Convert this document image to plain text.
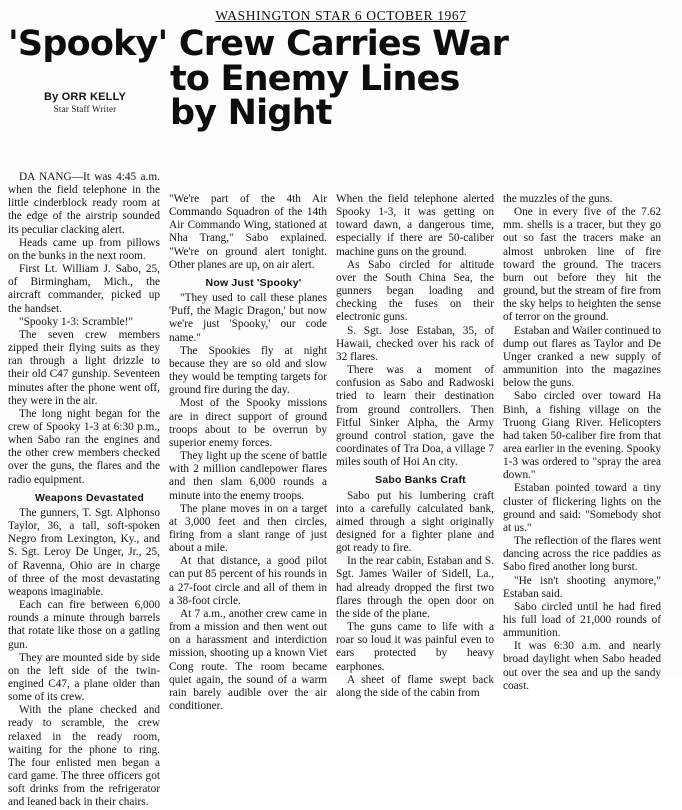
WASHINGTON STAR 6 OCTOBER 1967
'Spooky' Crew Carries War
to Enemy Lines
by Night
By ORR KELLY
Star Staff Writer

DA NANG—It was 4:45 a.m. when the field telephone in the little cinderblock ready room at the edge of the airstrip sounded its peculiar clacking alert.

Heads came up from pillows on the bunks in the next room.

First Lt. William J. Sabo, 25, of Birmingham, Mich., the aircraft commander, picked up the handset.

"Spooky 1-3: Scramble!"

The seven crew members zipped their flying suits as they ran through a light drizzle to their old C47 gunship. Seventeen minutes after the phone went off, they were in the air.

The long night began for the crew of Spooky 1-3 at 6:30 p.m., when Sabo ran the engines and the other crew members checked over the guns, the flares and the radio equipment.

Weapons Devastated

The gunners, T. Sgt. Alphonso Taylor, 36, a tall, soft-spoken Negro from Lexington, Ky., and S. Sgt. Leroy De Unger, Jr., 25, of Ravenna, Ohio are in charge of three of the most devastating weapons imaginable.

Each can fire between 6,000 rounds a minute through barrels that rotate like those on a gatling gun.

They are mounted side by side on the left side of the twin-engined C47, a plane older than some of its crew.

With the plane checked and ready to scramble, the crew relaxed in the ready room, waiting for the phone to ring. The four enlisted men began a card game. The three officers got soft drinks from the refrigerator and leaned back in their chairs.

"We're part of the 4th Air Commando Squadron of the 14th Air Commando Wing, stationed at Nha Trang," Sabo explained. "We're on ground alert tonight. Other planes are up, on air alert.

Now Just 'Spooky'

"They used to call these planes 'Puff, the Magic Dragon,' but now we're just 'Spooky,' our code name."

The Spookies fly at night because they are so old and slow they would be tempting targets for ground fire during the day.

Most of the Spooky missions are in direct support of ground troops about to be overrun by superior enemy forces.

They light up the scene of battle with 2 million candlepower flares and then slam 6,000 rounds a minute into the enemy troops.

The plane moves in on a target at 3,000 feet and then circles, firing from a slant range of just about a mile.

At that distance, a good pilot can put 85 percent of his rounds in a 27-foot circle and all of them in a 38-foot circle.

At 7 a.m., another crew came in from a mission and then went out on a harassment and interdiction mission, shooting up a known Viet Cong route. The room became quiet again, the sound of a warm rain barely audible over the air conditioner.

When the field telephone alerted Spooky 1-3, it was getting on toward dawn, a dangerous time, especially if there are 50-caliber machine guns on the ground.

As Sabo circled for altitude over the South China Sea, the gunners began loading and checking the fuses on their electronic guns.

S. Sgt. Jose Estaban, 35, of Hawaii, checked over his rack of 32 flares.

There was a moment of confusion as Sabo and Radwoski tried to learn their destination from ground controllers. Then Fitful Sinker Alpha, the Army ground control station, gave the coordinates of Tra Doa, a village 7 miles south of Hoi An city.

Sabo Banks Craft

Sabo put his lumbering craft into a carefully calculated bank, aimed through a sight originally designed for a fighter plane and got ready to fire.

In the rear cabin, Estaban and S. Sgt. James Wailer of Sidell, La., had already dropped the first two flares through the open door on the side of the plane.

The guns came to life with a roar so loud it was painful even to ears protected by heavy earphones.

A sheet of flame swept back along the side of the cabin from

the muzzles of the guns.

One in every five of the 7.62 mm. shells is a tracer, but they go out so fast the tracers make an almost unbroken line of fire toward the ground. The tracers burn out before they hit the ground, but the stream of fire from the sky helps to heighten the sense of terror on the ground.

Estaban and Wailer continued to dump out flares as Taylor and De Unger cranked a new supply of ammunition into the magazines below the guns.

Sabo circled over toward Ha Binh, a fishing village on the Truong Giang River. Helicopters had taken 50-caliber fire from that area earlier in the evening. Spooky 1-3 was ordered to "spray the area down."

Estaban pointed toward a tiny cluster of flickering lights on the ground and said: "Somebody shot at us."

The reflection of the flares went dancing across the rice paddies as Sabo fired another long burst.

"He isn't shooting anymore," Estaban said.

Sabo circled until he had fired his full load of 21,000 rounds of ammunition.

It was 6:30 a.m. and nearly broad daylight when Sabo headed out over the sea and up the sandy coast.
